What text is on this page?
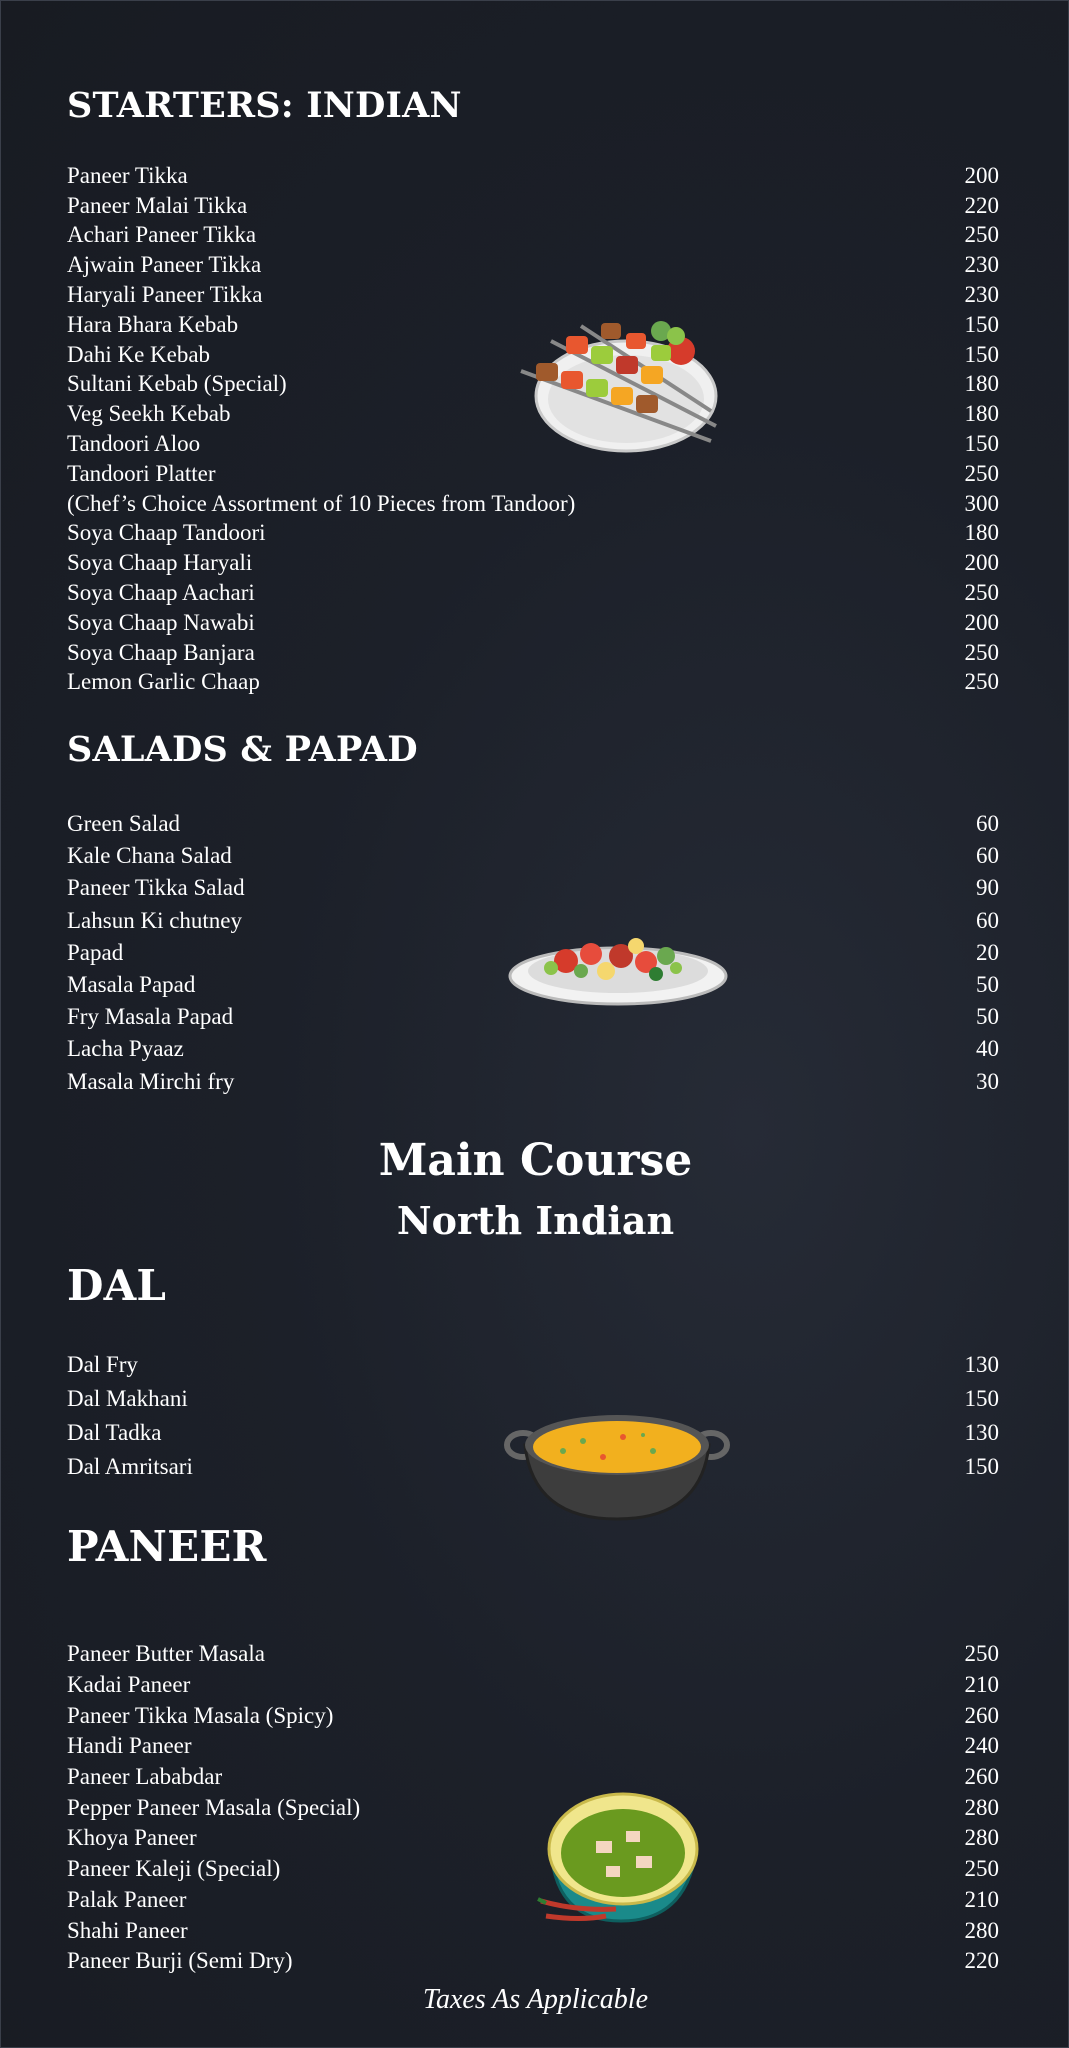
STARTERS: INDIAN
Paneer Tikka	200
Paneer Malai Tikka	220
Achari Paneer Tikka	250
Ajwain Paneer Tikka	230
Haryali Paneer Tikka	230
Hara Bhara Kebab	150
Dahi Ke Kebab	150
Sultani Kebab (Special)	180
Veg Seekh Kebab	180
Tandoori Aloo	150
Tandoori Platter	250
(Chef’s Choice Assortment of 10 Pieces from Tandoor)	300
Soya Chaap Tandoori	180
Soya Chaap Haryali	200
Soya Chaap Aachari	250
Soya Chaap Nawabi	200
Soya Chaap Banjara	250
Lemon Garlic Chaap	250
SALADS & PAPAD
Green Salad	60
Kale Chana Salad	60
Paneer Tikka Salad	90
Lahsun Ki chutney	60
Papad	20
Masala Papad	50
Fry Masala Papad	50
Lacha Pyaaz	40
Masala Mirchi fry	30
Main Course
North Indian
DAL
Dal Fry	130
Dal Makhani	150
Dal Tadka	130
Dal Amritsari	150
PANEER
Paneer Butter Masala	250
Kadai Paneer	210
Paneer Tikka Masala (Spicy)	260
Handi Paneer	240
Paneer Lababdar	260
Pepper Paneer Masala (Special)	280
Khoya Paneer	280
Paneer Kaleji (Special)	250
Palak Paneer	210
Shahi Paneer	280
Paneer Burji (Semi Dry)	220
Taxes As Applicable
